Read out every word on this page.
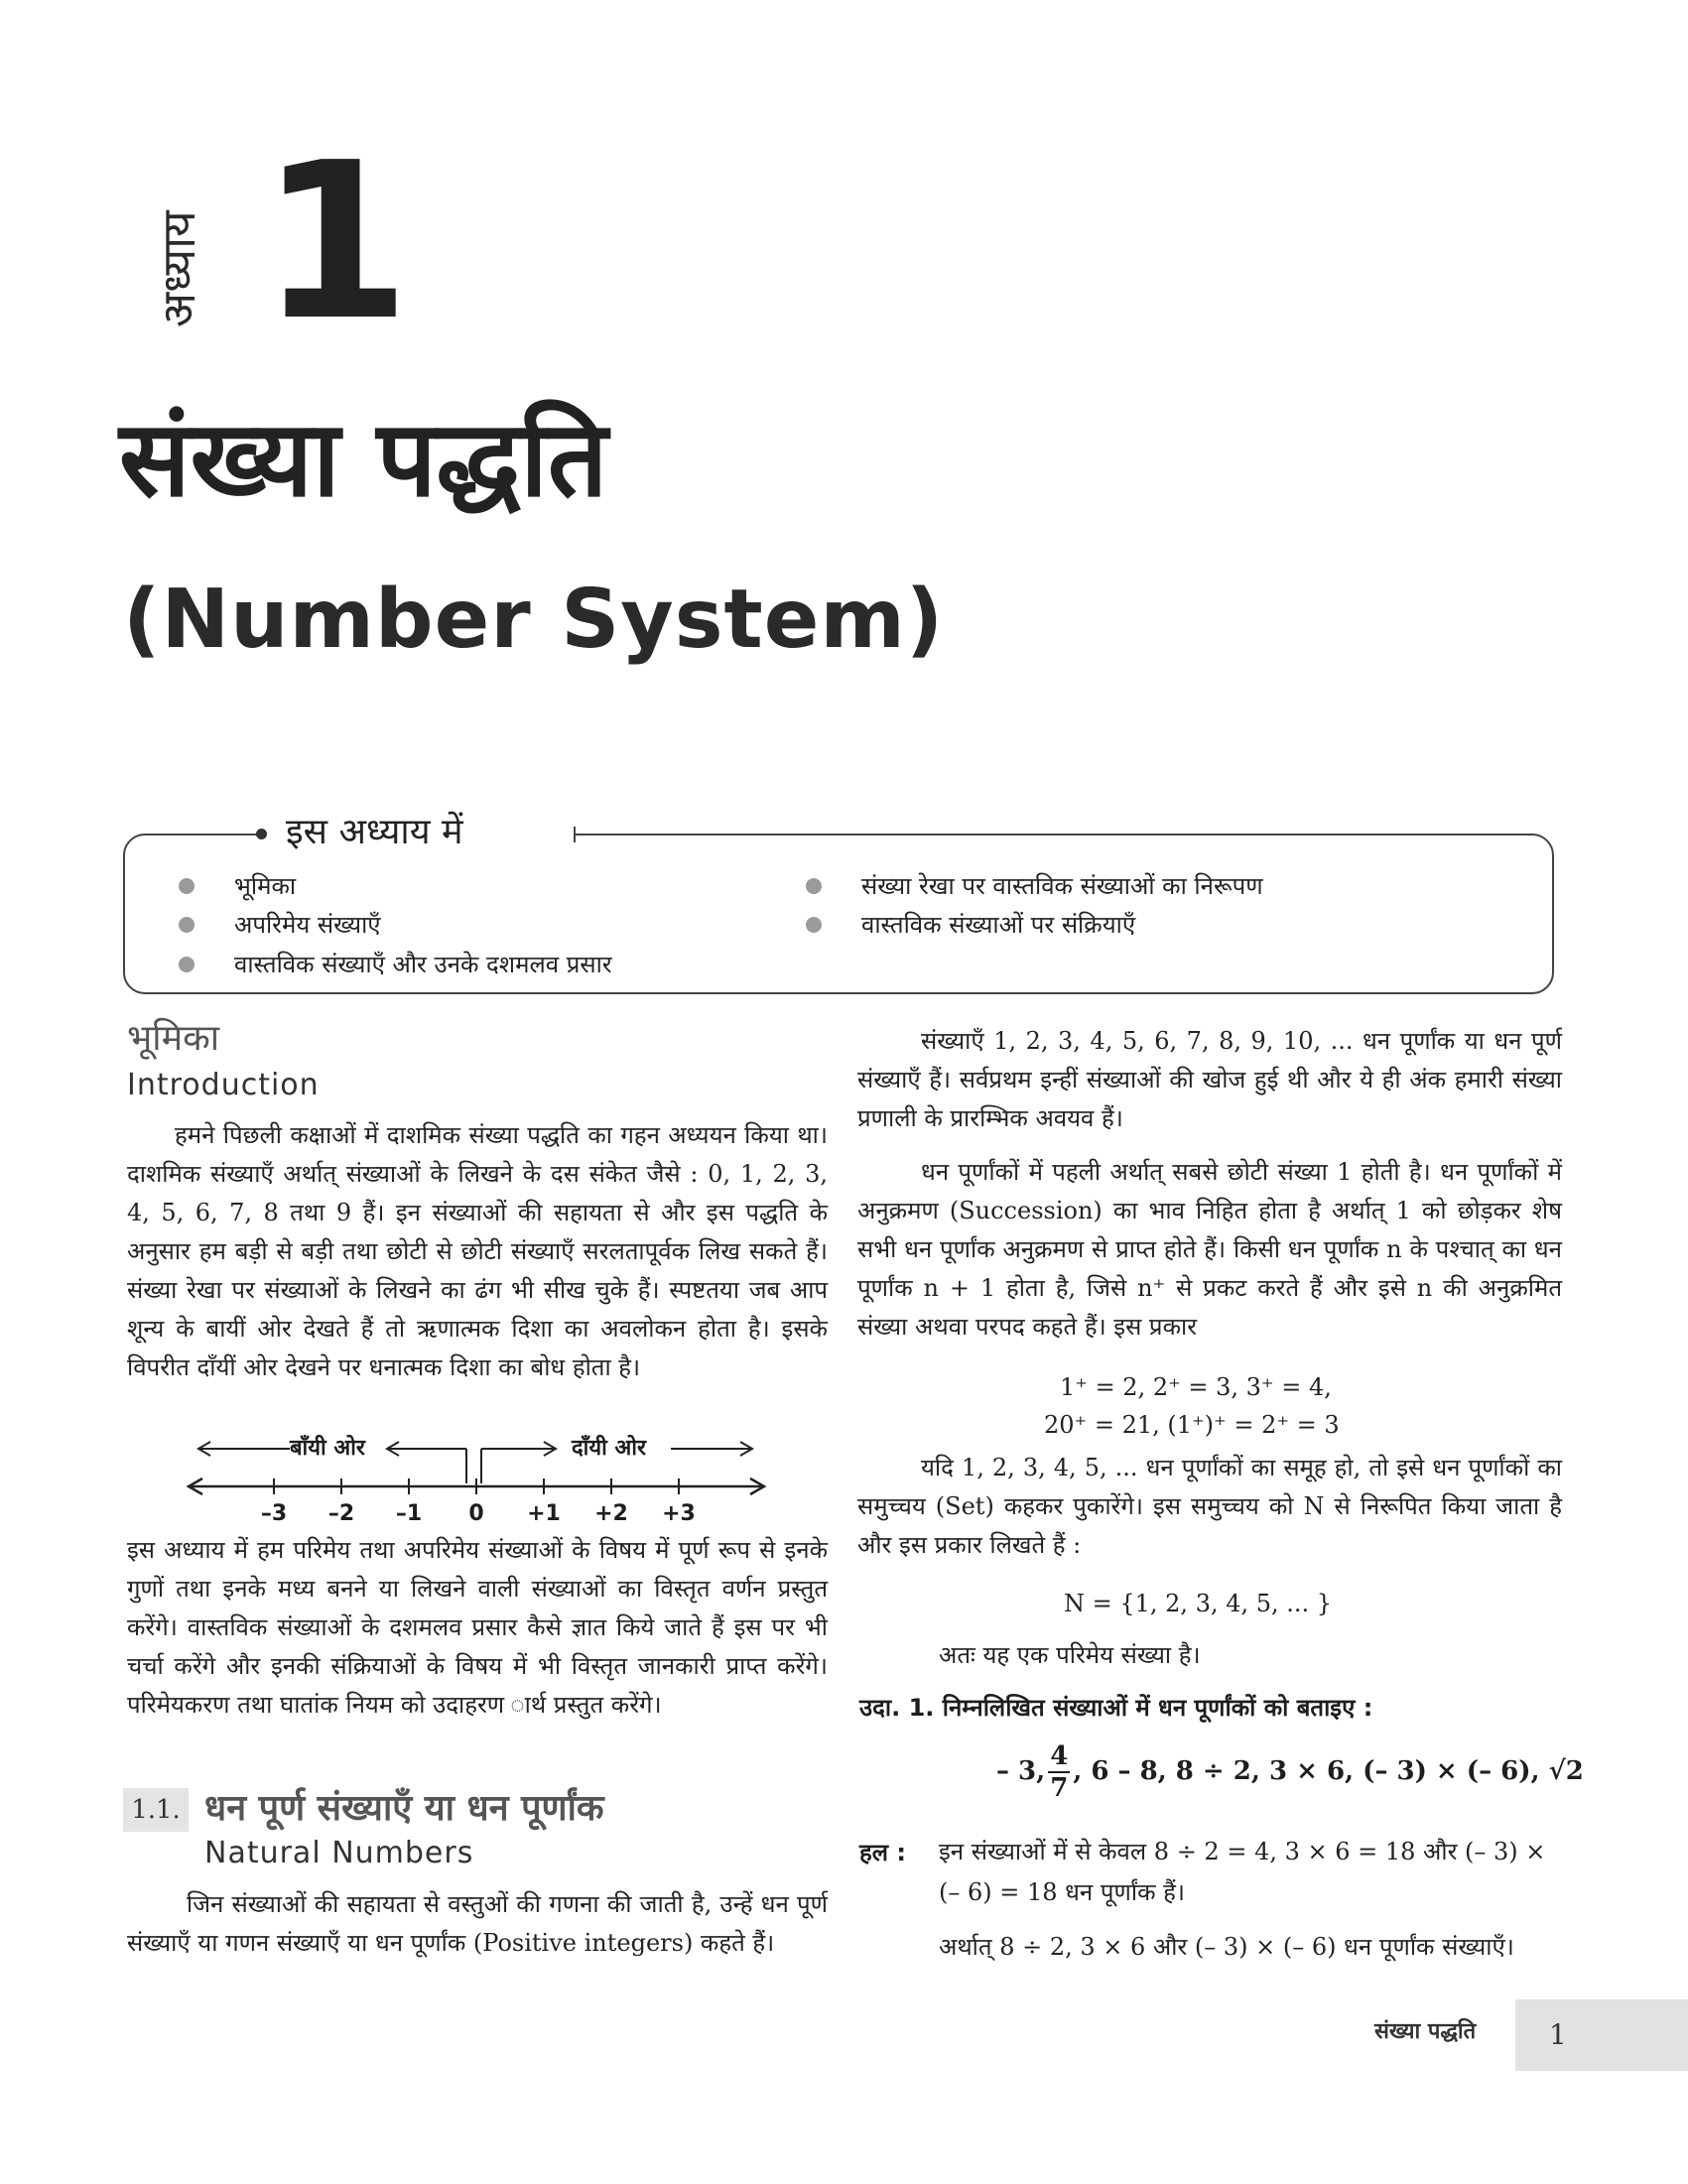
अध्याय 1
संख्या पद्धति
(Number System)
इस अध्याय में
भूमिका
अपरिमेय संख्याएँ
वास्तविक संख्याएँ और उनके दशमलव प्रसार
संख्या रेखा पर वास्तविक संख्याओं का निरूपण
वास्तविक संख्याओं पर संक्रियाएँ
भूमिका
Introduction
हमने पिछली कक्षाओं में दाशमिक संख्या पद्धति का गहन अध्ययन किया था। दाशमिक संख्याएँ अर्थात् संख्याओं के लिखने के दस संकेत जैसे : 0, 1, 2, 3, 4, 5, 6, 7, 8 तथा 9 हैं। इन संख्याओं की सहायता से और इस पद्धति के अनुसार हम बड़ी से बड़ी तथा छोटी से छोटी संख्याएँ सरलतापूर्वक लिख सकते हैं। संख्या रेखा पर संख्याओं के लिखने का ढंग भी सीख चुके हैं। स्पष्टतया जब आप शून्य के बायीं ओर देखते हैं तो ऋणात्मक दिशा का अवलोकन होता है। इसके विपरीत दाँयीं ओर देखने पर धनात्मक दिशा का बोध होता है।
बाँयी ओर	दाँयी ओर
–3	–2	–1	0	+1	+2	+3
इस अध्याय में हम परिमेय तथा अपरिमेय संख्याओं के विषय में पूर्ण रूप से इनके गुणों तथा इनके मध्य बनने या लिखने वाली संख्याओं का विस्तृत वर्णन प्रस्तुत करेंगे। वास्तविक संख्याओं के दशमलव प्रसार कैसे ज्ञात किये जाते हैं इस पर भी चर्चा करेंगे और इनकी संक्रियाओं के विषय में भी विस्तृत जानकारी प्राप्त करेंगे। परिमेयकरण तथा घातांक नियम को उदाहरण ार्थ प्रस्तुत करेंगे।
1.1. धन पूर्ण संख्याएँ या धन पूर्णांक
Natural Numbers
जिन संख्याओं की सहायता से वस्तुओं की गणना की जाती है, उन्हें धन पूर्ण संख्याएँ या गणन संख्याएँ या धन पूर्णांक (Positive integers) कहते हैं।
संख्याएँ 1, 2, 3, 4, 5, 6, 7, 8, 9, 10, ... धन पूर्णांक या धन पूर्ण संख्याएँ हैं। सर्वप्रथम इन्हीं संख्याओं की खोज हुई थी और ये ही अंक हमारी संख्या प्रणाली के प्रारम्भिक अवयव हैं।
धन पूर्णांकों में पहली अर्थात् सबसे छोटी संख्या 1 होती है। धन पूर्णांकों में अनुक्रमण (Succession) का भाव निहित होता है अर्थात् 1 को छोड़कर शेष सभी धन पूर्णांक अनुक्रमण से प्राप्त होते हैं। किसी धन पूर्णांक n के पश्चात् का धन पूर्णांक n + 1 होता है, जिसे n⁺ से प्रकट करते हैं और इसे n की अनुक्रमित संख्या अथवा परपद कहते हैं। इस प्रकार
1⁺ = 2, 2⁺ = 3, 3⁺ = 4,
20⁺ = 21, (1⁺)⁺ = 2⁺ = 3
यदि 1, 2, 3, 4, 5, ... धन पूर्णांकों का समूह हो, तो इसे धन पूर्णांकों का समुच्चय (Set) कहकर पुकारेंगे। इस समुच्चय को N से निरूपित किया जाता है और इस प्रकार लिखते हैं :
N = {1, 2, 3, 4, 5, ... }
अतः यह एक परिमेय संख्या है।
उदा. 1. निम्नलिखित संख्याओं में धन पूर्णांकों को बताइए :
– 3, $\frac{4}{7}$ , 6 – 8, 8 ÷ 2, 3 × 6, (– 3) × (– 6), √2
हल : इन संख्याओं में से केवल 8 ÷ 2 = 4, 3 × 6 = 18 और (– 3) ×
(– 6) = 18 धन पूर्णांक हैं।
अर्थात् 8 ÷ 2, 3 × 6 और (– 3) × (– 6) धन पूर्णांक संख्याएँ।
संख्या पद्धति	1
